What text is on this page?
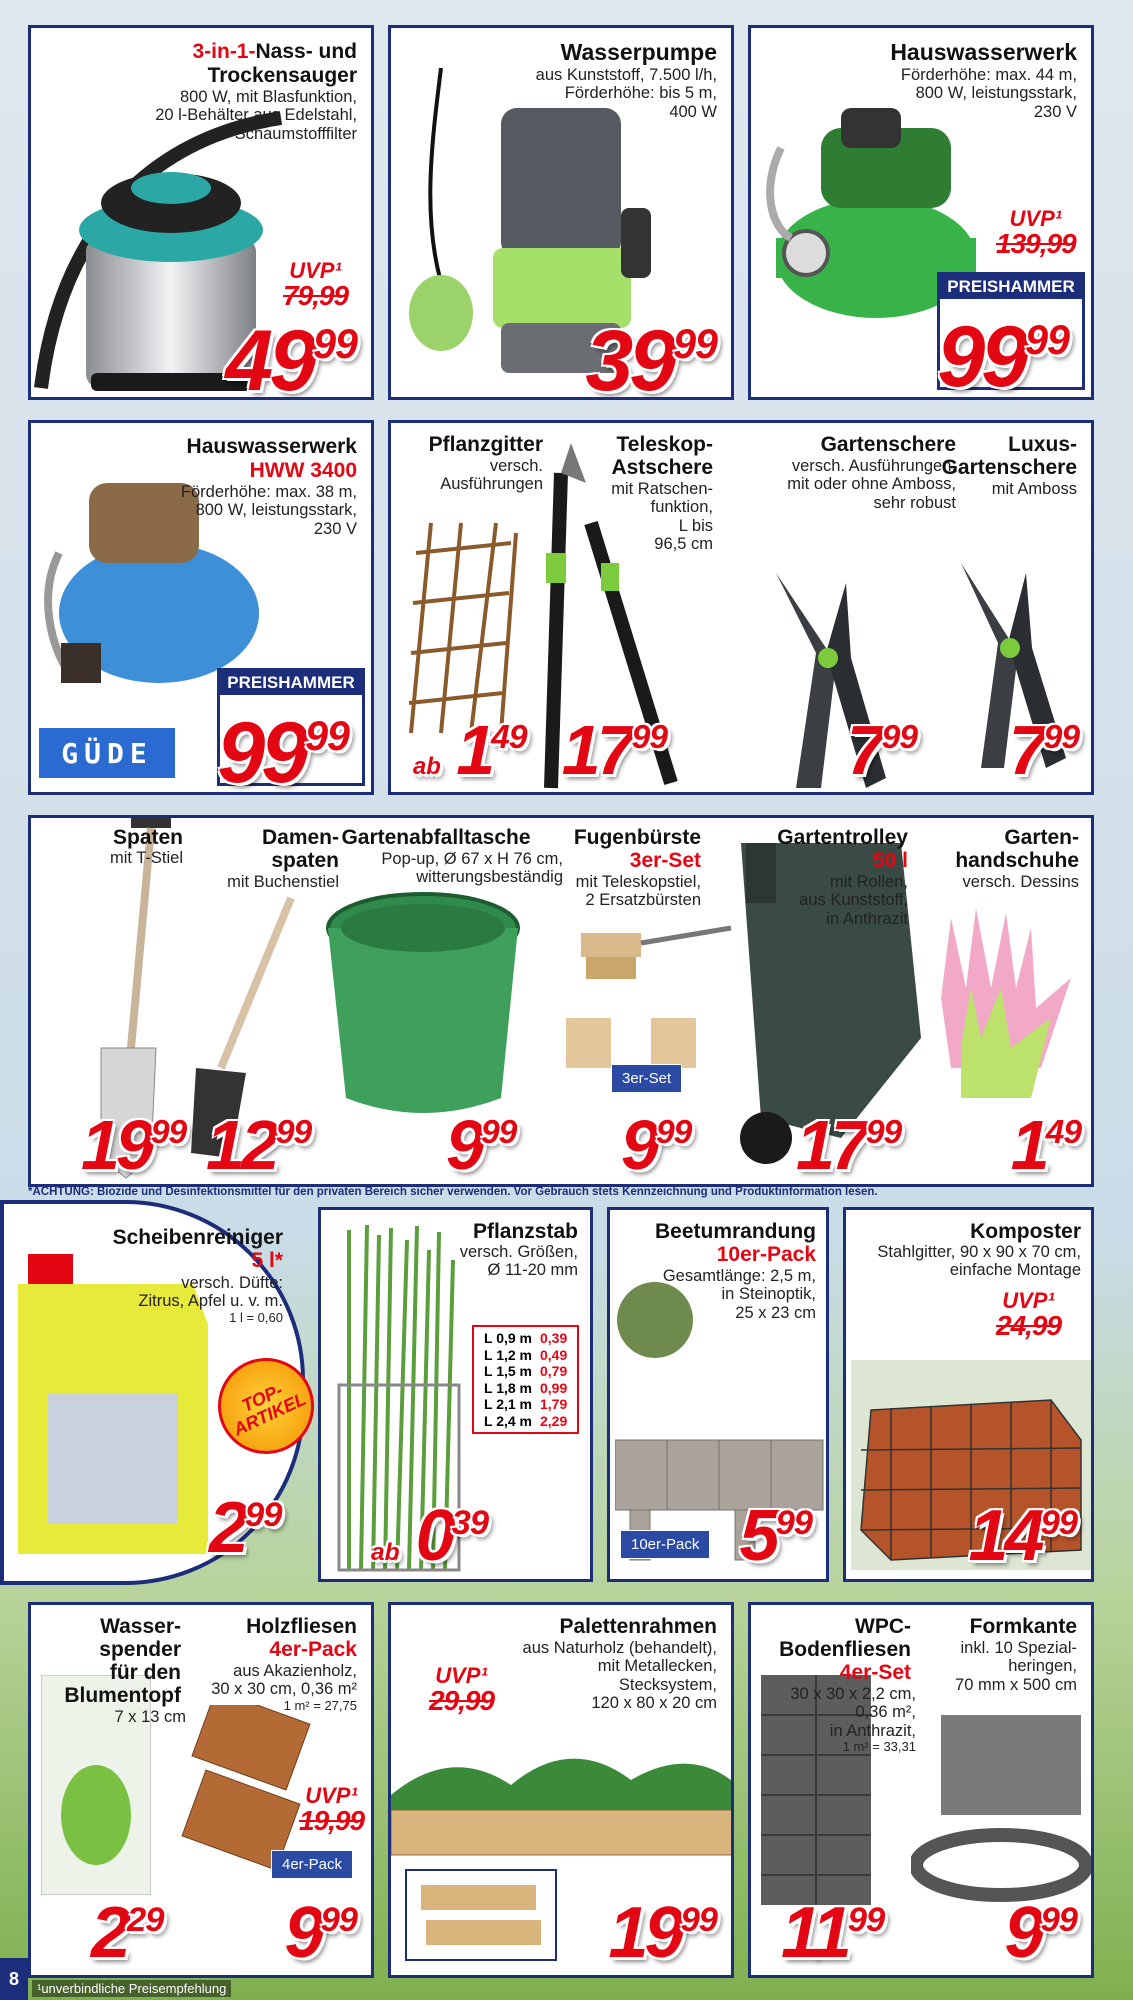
3-in-1-Nass- und
Trockensauger
800 W, mit Blasfunktion,
20 l-Behälter aus Edelstahl,
Schaumstofffilter
UVP¹
79,99
$49^{99}$
Wasserpumpe
aus Kunststoff, 7.500 l/h,
Förderhöhe: bis 5 m,
400 W
$39^{99}$
Hauswasserwerk
Förderhöhe: max. 44 m,
800 W, leistungsstark,
230 V
UVP¹
139,99
PREISHAMMER
$99^{99}$
Hauswasserwerk
HWW 3400
Förderhöhe: max. 38 m,
800 W, leistungsstark,
230 V
GÜDE
PREISHAMMER
$99^{99}$
Pflanzgitter
versch.
Ausführungen
ab $1^{49}$
Teleskop-
Astschere
mit Ratschen-
funktion,
L bis
96,5 cm
$17^{99}$
Gartenschere
versch. Ausführungen,
mit oder ohne Amboss,
sehr robust
$7^{99}$
Luxus-
Gartenschere
mit Amboss
$7^{99}$
Spaten
mit T-Stiel
Damen-
spaten
mit Buchenstiel
$19^{99}$ $12^{99}$
Gartenabfalltasche
Pop-up, Ø 67 x H 76 cm,
witterungsbeständig
$9^{99}$
Fugenbürste
3er-Set
mit Teleskopstiel,
2 Ersatzbürsten
3er-Set
$9^{99}$
Gartentrolley
50 l
mit Rollen,
aus Kunststoff,
in Anthrazit
$17^{99}$
Garten-
handschuhe
versch. Dessins
$1^{49}$
*ACHTUNG: Biozide und Desinfektionsmittel für den privaten Bereich sicher verwenden. Vor Gebrauch stets Kennzeichnung und Produktinformation lesen.
Scheibenreiniger
5 l*
versch. Düfte:
Zitrus, Apfel u. v. m.
1 l = 0,60
$2^{99}$
TOP-ARTIKEL
Pflanzstab
versch. Größen,
Ø 11-20 mm
ab $0^{39}$
L 0,9 m	0,39
L 1,2 m	0,49
L 1,5 m	0,79
L 1,8 m	0,99
L 2,1 m	1,79
L 2,4 m	2,29
Beetumrandung
10er-Pack
Gesamtlänge: 2,5 m,
in Steinoptik,
25 x 23 cm
10er-Pack $5^{99}$
Komposter
Stahlgitter, 90 x 90 x 70 cm,
einfache Montage
UVP¹
24,99
$14^{99}$
Wasser-
spender
für den
Blumentopf
7 x 13 cm
Holzfliesen
4er-Pack
aus Akazienholz,
30 x 30 cm, 0,36 m²
1 m² = 27,75
UVP¹
19,99
4er-Pack
$2^{29}$ $9^{99}$
Palettenrahmen
aus Naturholz (behandelt),
mit Metallecken,
Stecksystem,
120 x 80 x 20 cm
UVP¹
29,99
$19^{99}$
WPC-
Bodenfliesen
4er-Set
30 x 30 x 2,2 cm,
0,36 m²,
in Anthrazit,
1 m² = 33,31
Formkante
inkl. 10 Spezial-
heringen,
70 mm x 500 cm
$11^{99}$ $9^{99}$
8	¹unverbindliche Preisempfehlung
